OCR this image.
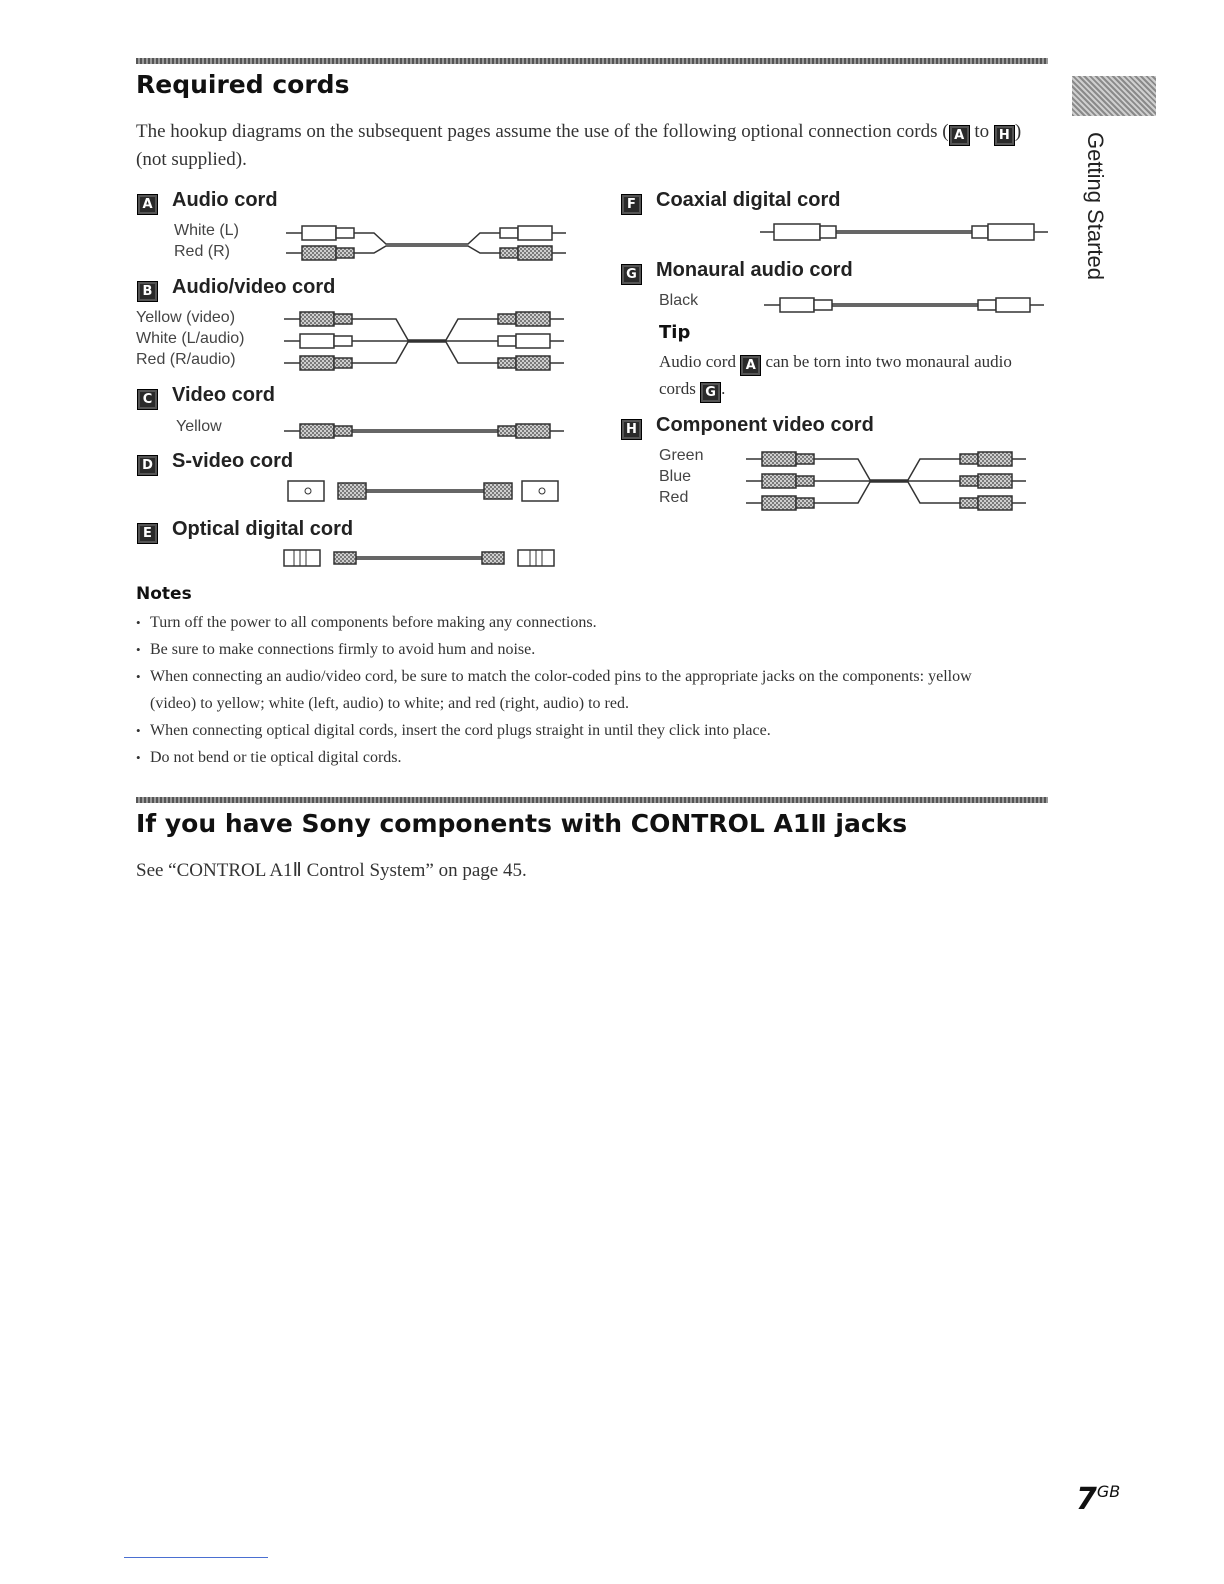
Required cords
The hookup diagrams on the subsequent pages assume the use of the following optional connection cords ( A to H ) (not supplied).	Getting Started
A Audio cord
White (L)
Red (R)
B Audio/video cord
Yellow (video)
White (L/audio)
Red (R/audio)
C Video cord
Yellow
D S-video cord
E Optical digital cord
F Coaxial digital cord
G Monaural audio cord
Black
Tip
Audio cord A can be torn into two monaural audio cords G .
H Component video cord
Green
Blue
Red
Notes
• Turn off the power to all components before making any connections.
• Be sure to make connections firmly to avoid hum and noise.
• When connecting an audio/video cord, be sure to match the color-coded pins to the appropriate jacks on the components: yellow (video) to yellow; white (left, audio) to white; and red (right, audio) to red.
• When connecting optical digital cords, insert the cord plugs straight in until they click into place.
• Do not bend or tie optical digital cords.
If you have Sony components with CONTROL A1Ⅱ jacks
See “CONTROL A1Ⅱ Control System” on page 45.
$7^{GB}$
